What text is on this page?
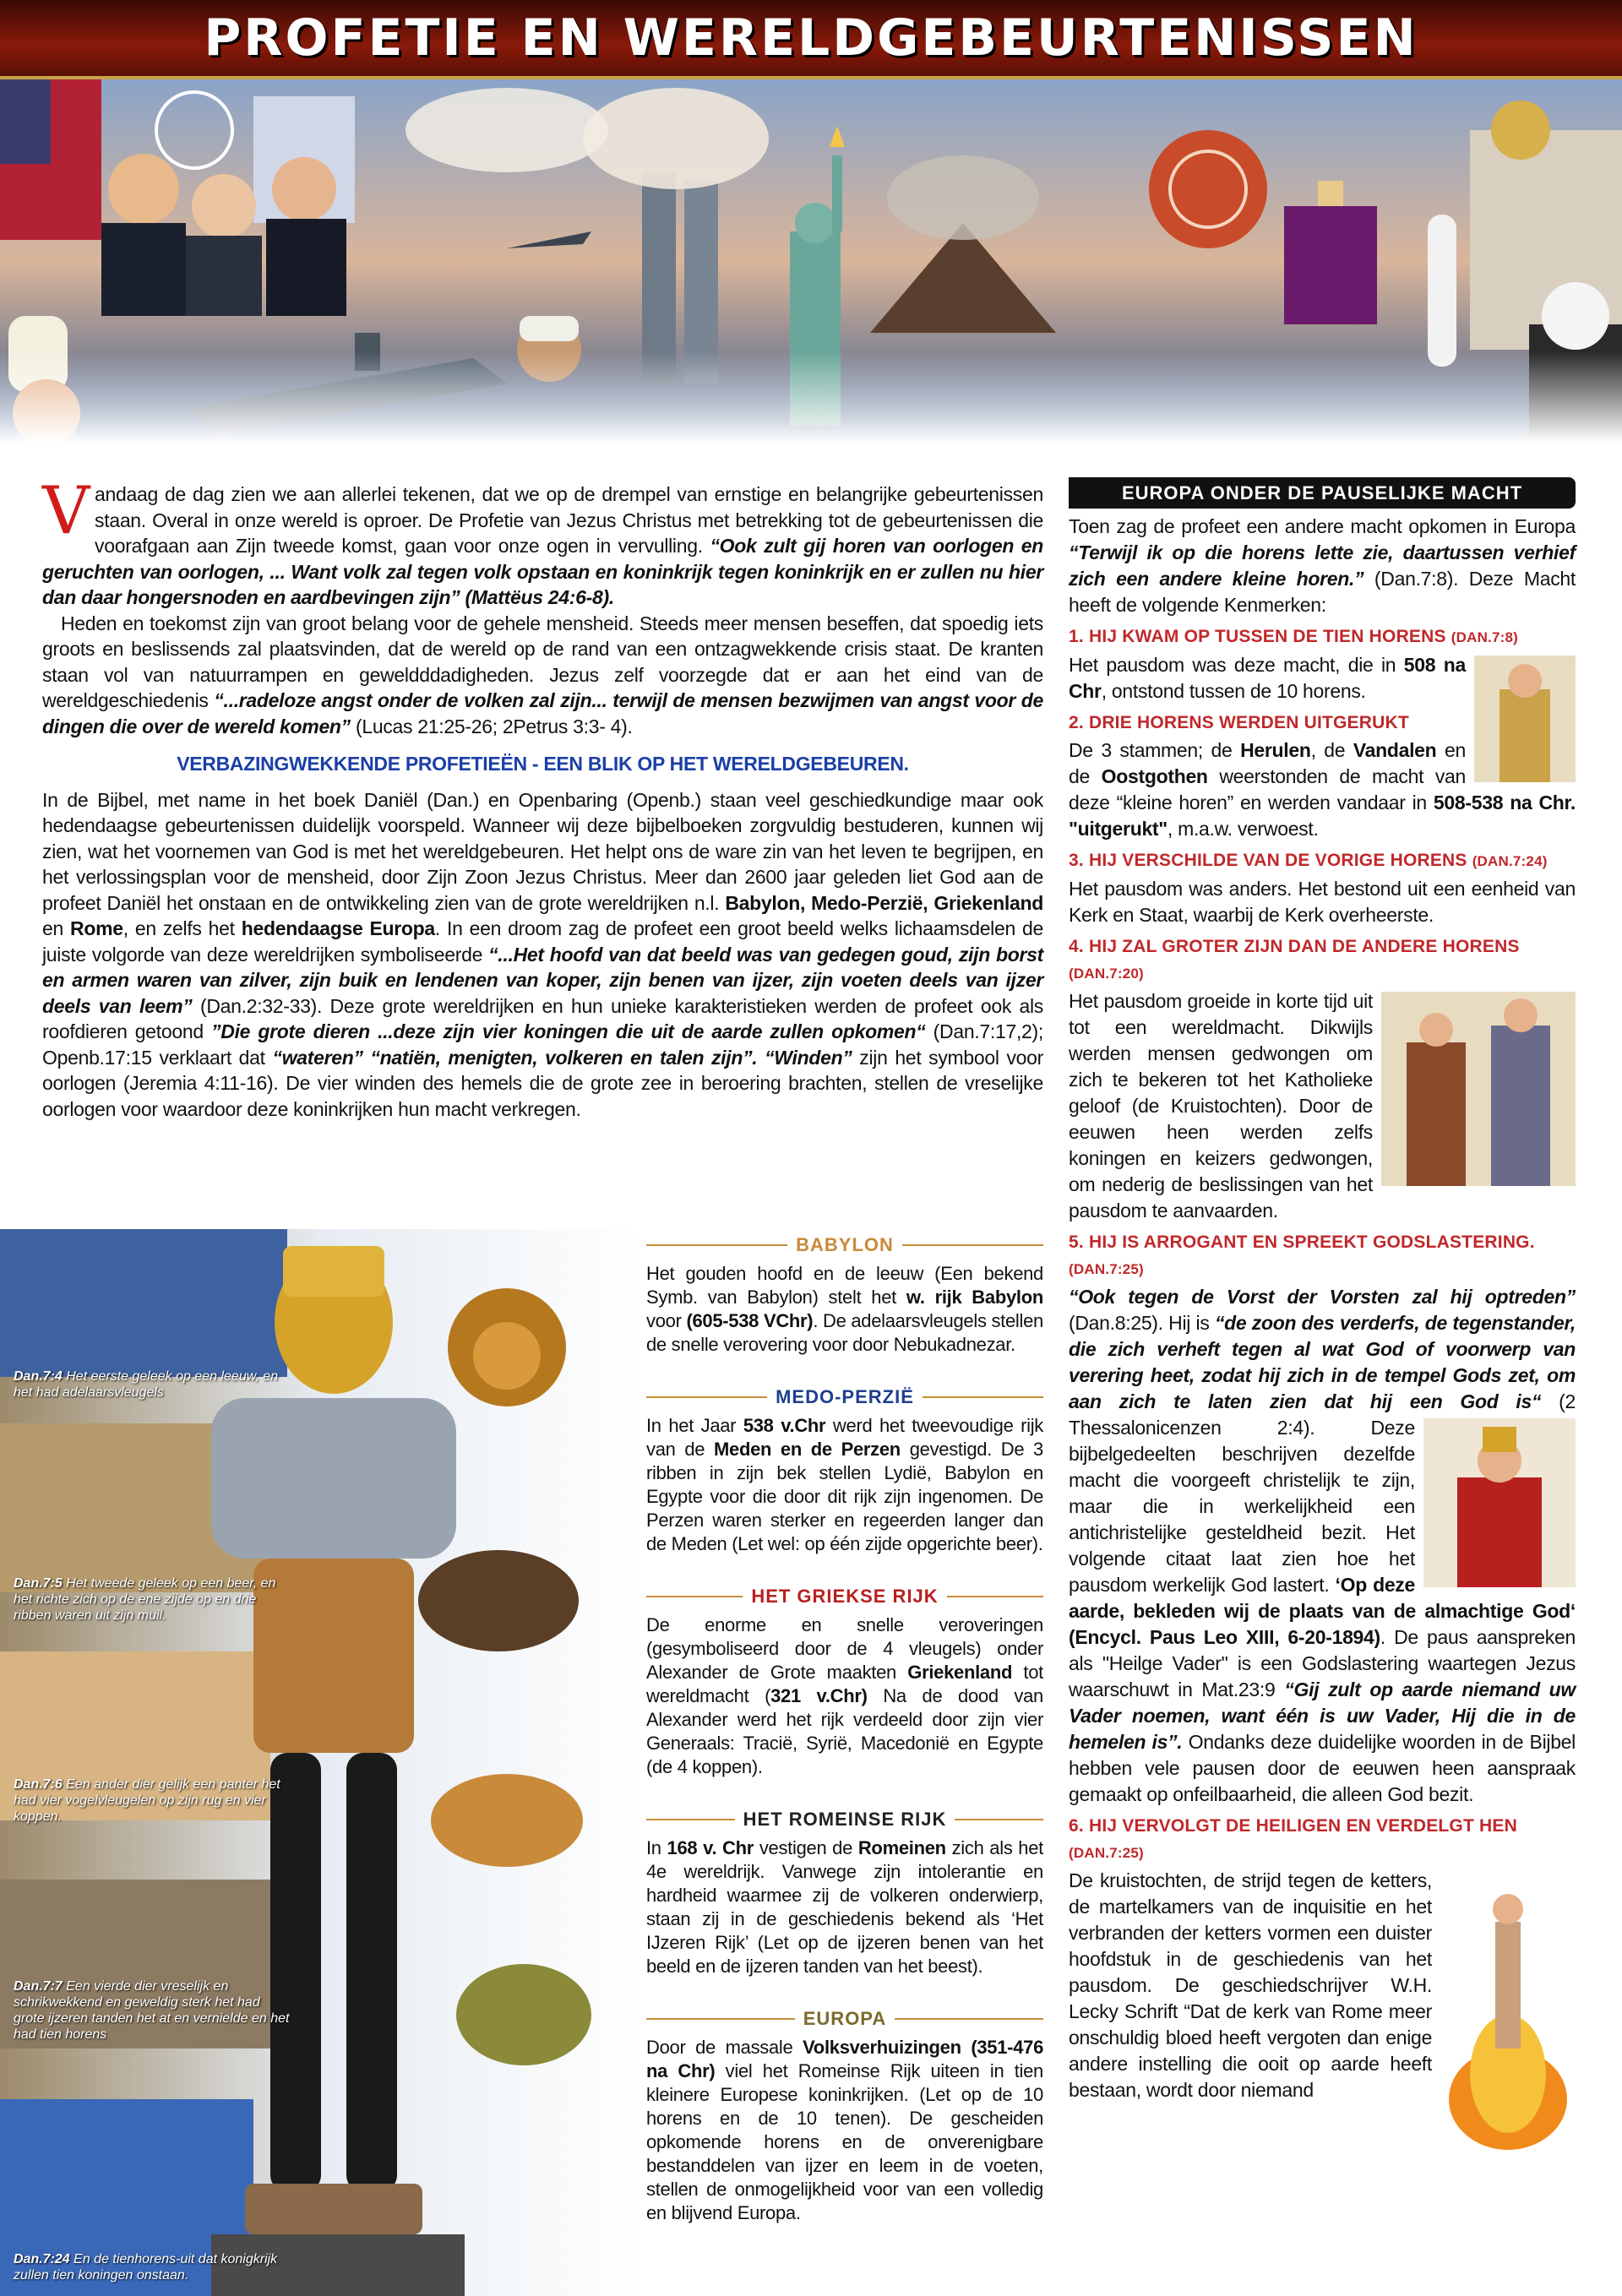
PROFETIE EN WERELDGEBEURTENISSEN

Vandaag de dag zien we aan allerlei tekenen, dat we op de drempel van ernstige en belangrijke gebeurtenissen staan. Overal in onze wereld is oproer. De Profetie van Jezus Christus met betrekking tot de gebeurtenissen die voorafgaan aan Zijn tweede komst, gaan voor onze ogen in vervulling. “Ook zult gij horen van oorlogen en geruchten van oorlogen, ... Want volk zal tegen volk opstaan en koninkrijk tegen koninkrijk en er zullen nu hier dan daar hongersnoden en aardbevingen zijn” (Mattëus 24:6-8).

Heden en toekomst zijn van groot belang voor de gehele mensheid. Steeds meer mensen beseffen, dat spoedig iets groots en beslissends zal plaatsvinden, dat de wereld op de rand van een ontzagwekkende crisis staat. De kranten staan vol van natuurrampen en geweldddadigheden. Jezus zelf voorzegde dat er aan het eind van de wereldgeschiedenis “...radeloze angst onder de volken zal zijn... terwijl de mensen bezwijmen van angst voor de dingen die over de wereld komen” (Lucas 21:25-26; 2Petrus 3:3- 4).

VERBAZINGWEKKENDE PROFETIEËN - EEN BLIK OP HET WERELDGEBEUREN.

In de Bijbel, met name in het boek Daniël (Dan.) en Openbaring (Openb.) staan veel geschiedkundige maar ook hedendaagse gebeurtenissen duidelijk voorspeld. Wanneer wij deze bijbelboeken zorgvuldig bestuderen, kunnen wij zien, wat het voornemen van God is met het wereldgebeuren. Het helpt ons de ware zin van het leven te begrijpen, en het verlossingsplan voor de mensheid, door Zijn Zoon Jezus Christus. Meer dan 2600 jaar geleden liet God aan de profeet Daniël het onstaan en de ontwikkeling zien van de grote wereldrijken n.l. Babylon, Medo-Perzië, Griekenland en Rome, en zelfs het hedendaagse Europa. In een droom zag de profeet een groot beeld welks lichaamsdelen de juiste volgorde van deze wereldrijken symboliseerde “...Het hoofd van dat beeld was van gedegen goud, zijn borst en armen waren van zilver, zijn buik en lendenen van koper, zijn benen van ijzer, zijn voeten deels van ijzer deels van leem” (Dan.2:32-33). Deze grote wereldrijken en hun unieke karakteristieken werden de profeet ook als roofdieren getoond ”Die grote dieren ...deze zijn vier koningen die uit de aarde zullen opkomen“ (Dan.7:17,2); Openb.17:15 verklaart dat “wateren” “natiën, menigten, volkeren en talen zijn”. “Winden” zijn het symbool voor oorlogen (Jeremia 4:11-16). De vier winden des hemels die de grote zee in beroering brachten, stellen de vreselijke oorlogen voor waardoor deze koninkrijken hun macht verkregen.

Dan.7:4 Het eerste geleek op een leeuw, en het had adelaarsvleugels
Dan.7:5 Het tweede geleek op een beer, en het richte zich op de ene zijde op en drie ribben waren uit zijn muil.
Dan.7:6 Een ander dier gelijk een panter het had vier vogelvleugelen op zijn rug en vier koppen.
Dan.7:7 Een vierde dier vreselijk en schrikwekkend en geweldig sterk het had grote ijzeren tanden het at en vernielde en het had tien horens
Dan.7:24 En de tienhorens-uit dat konigkrijk zullen tien koningen onstaan.
BABYLON
Het gouden hoofd en de leeuw (Een bekend Symb. van Babylon) stelt het w. rijk Babylon voor (605-538 VChr). De adelaarsvleugels stellen de snelle verovering voor door Nebukadnezar.
MEDO-PERZIË
In het Jaar 538 v.Chr werd het tweevoudige rijk van de Meden en de Perzen gevestigd. De 3 ribben in zijn bek stellen Lydië, Babylon en Egypte voor die door dit rijk zijn ingenomen. De Perzen waren sterker en regeerden langer dan de Meden (Let wel: op één zijde opgerichte beer).
HET GRIEKSE RIJK
De enorme en snelle veroveringen (gesymboliseerd door de 4 vleugels) onder Alexander de Grote maakten Griekenland tot wereldmacht (321 v.Chr) Na de dood van Alexander werd het rijk verdeeld door zijn vier Generaals: Tracië, Syrië, Macedonië en Egypte (de 4 koppen).
HET ROMEINSE RIJK
In 168 v. Chr vestigen de Romeinen zich als het 4e wereldrijk. Vanwege zijn intolerantie en hardheid waarmee zij de volkeren onderwierp, staan zij in de geschiedenis bekend als ‘Het IJzeren Rijk’ (Let op de ijzeren benen van het beeld en de ijzeren tanden van het beest).
EUROPA
Door de massale Volksverhuizingen (351-476 na Chr) viel het Romeinse Rijk uiteen in tien kleinere Europese koninkrijken. (Let op de 10 horens en de 10 tenen). De gescheiden opkomende horens en de onverenigbare bestanddelen van ijzer en leem in de voeten, stellen de onmogelijkheid voor van een volledig en blijvend Europa.
EUROPA ONDER DE PAUSELIJKE MACHT

Toen zag de profeet een andere macht opkomen in Europa “Terwijl ik op die horens lette zie, daartussen verhief zich een andere kleine horen.” (Dan.7:8). Deze Macht heeft de volgende Kenmerken:

1. HIJ KWAM OP TUSSEN DE TIEN HORENS (DAN.7:8)

Het pausdom was deze macht, die in 508 na Chr, ontstond tussen de 10 horens.

2. DRIE HORENS WERDEN UITGERUKT

De 3 stammen; de Herulen, de Vandalen en de Oostgothen weerstonden de macht van deze “kleine horen” en werden vandaar in 508-538 na Chr. "uitgerukt", m.a.w. verwoest.

3. HIJ VERSCHILDE VAN DE VORIGE HORENS (DAN.7:24)

Het pausdom was anders. Het bestond uit een eenheid van Kerk en Staat, waarbij de Kerk overheerste.

4. HIJ ZAL GROTER ZIJN DAN DE ANDERE HORENS (DAN.7:20)

Het pausdom groeide in korte tijd uit tot een wereldmacht. Dikwijls werden mensen gedwongen om zich te bekeren tot het Katholieke geloof (de Kruistochten). Door de eeuwen heen werden zelfs koningen en keizers gedwongen, om nederig de beslissingen van het pausdom te aanvaarden.

5. HIJ IS ARROGANT EN SPREEKT GODSLASTERING. (DAN.7:25)

“Ook tegen de Vorst der Vorsten zal hij optreden” (Dan.8:25). Hij is “de zoon des verderfs, de tegenstander, die zich verheft tegen al wat God of voorwerp van verering heet, zodat hij zich in de tempel Gods zet, om aan zich te laten zien dat hij een God is“
(2 Thessalonicenzen 2:4). Deze bijbelgedeelten beschrijven dezelfde macht die voorgeeft christelijk te zijn, maar die in werkelijkheid een antichristelijke gesteldheid bezit. Het volgende citaat laat zien hoe het pausdom werkelijk God lastert. ‘Op deze aarde, bekleden wij de plaats van de almachtige God‘ (Encycl. Paus Leo XIII, 6-20-1894). De paus aanspreken als "Heilge Vader" is een Godslastering waartegen Jezus waarschuwt in Mat.23:9 “Gij zult op aarde niemand uw Vader noemen, want één is uw Vader, Hij die in de hemelen is”. Ondanks deze duidelijke woorden in de Bijbel hebben vele pausen door de eeuwen heen aanspraak gemaakt op onfeilbaarheid, die alleen God bezit.

6. HIJ VERVOLGT DE HEILIGEN EN VERDELGT HEN (DAN.7:25)

De kruistochten, de strijd tegen de ketters, de martelkamers van de inquisitie en het verbranden der ketters vormen een duister hoofdstuk in de geschiedenis van het pausdom. De geschiedschrijver W.H. Lecky Schrift “Dat de kerk van Rome meer onschuldig bloed heeft vergoten dan enige andere instelling die ooit op aarde heeft bestaan, wordt door niemand
